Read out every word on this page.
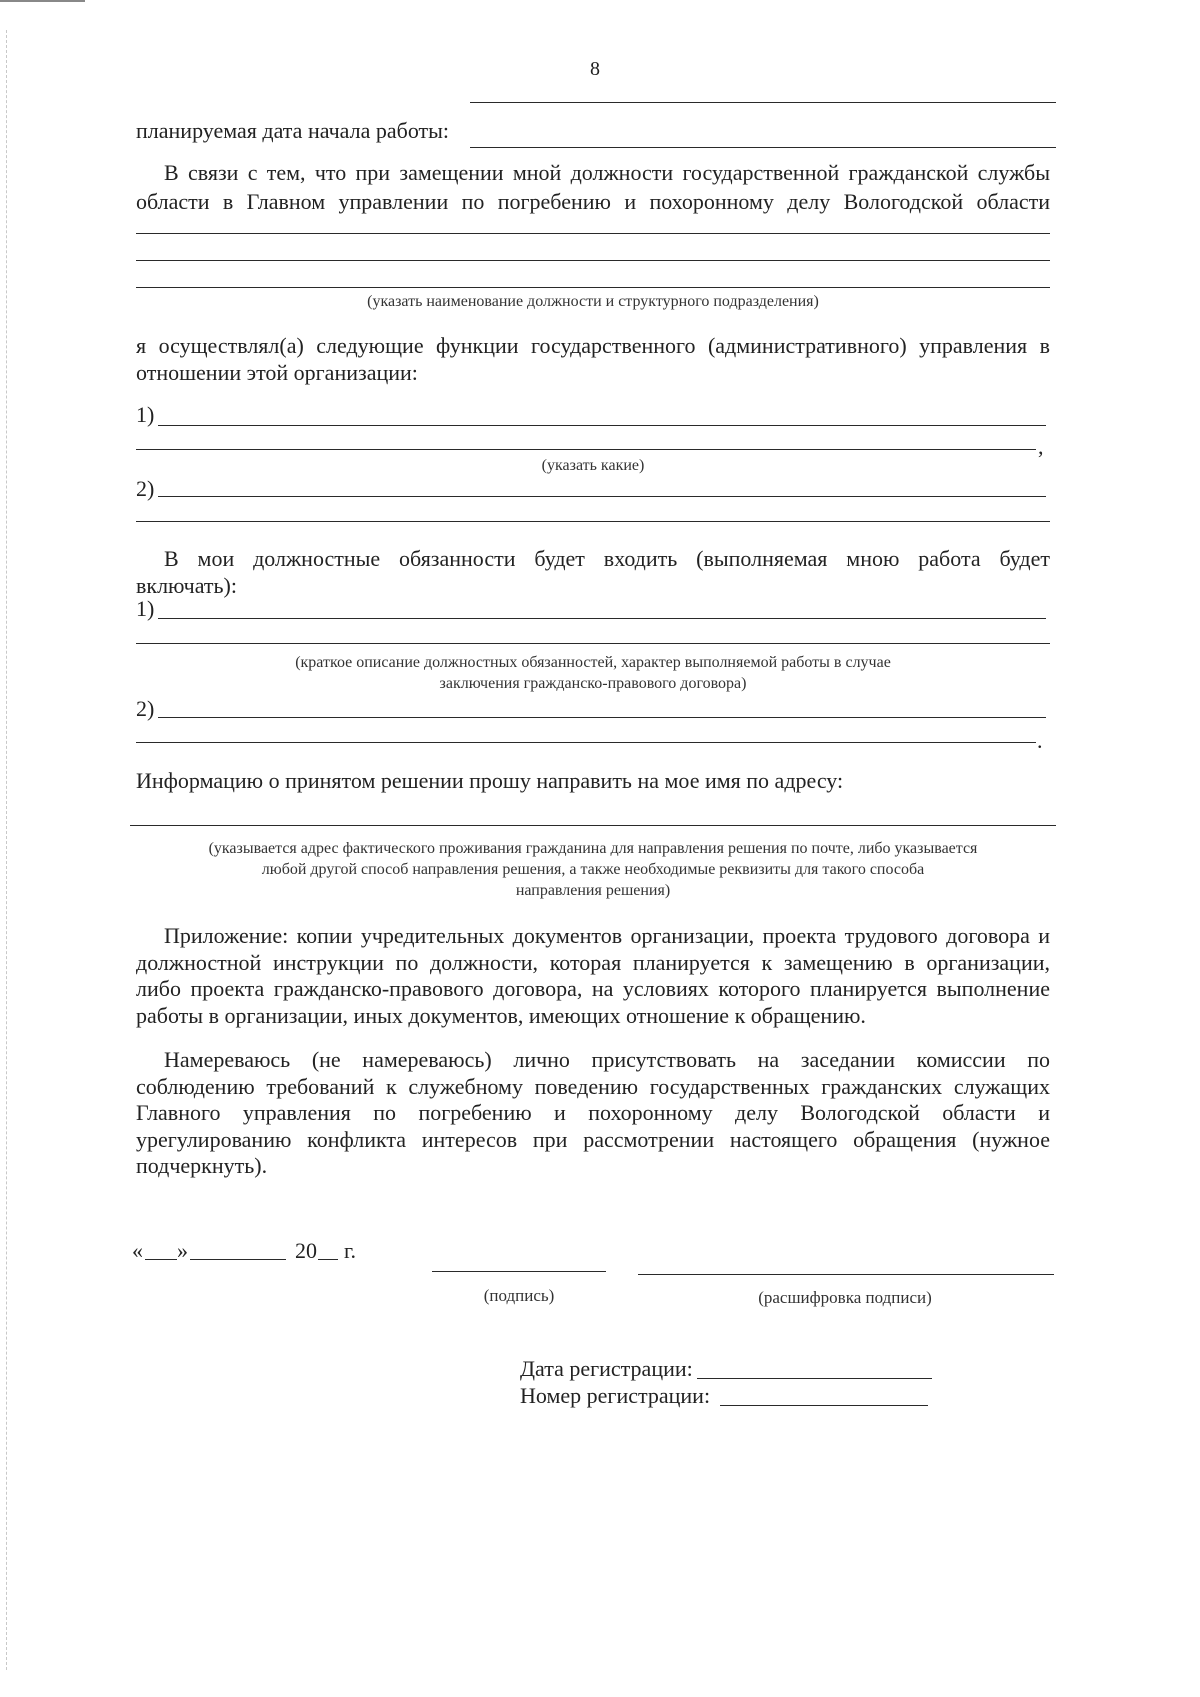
8
планируемая дата начала работы:
В связи с тем, что при замещении мной должности государственной гражданской службы
области в Главном управлении по погребению и похоронному делу Вологодской области
(указать наименование должности и структурного подразделения)
я осуществлял(а) следующие функции государственного (административного) управления в
отношении этой организации:
1)
,
(указать какие)
2)
В мои должностные обязанности будет входить (выполняемая мною работа будет
включать):
1)
(краткое описание должностных обязанностей, характер выполняемой работы в случае
заключения гражданско-правового договора)
2)
.
Информацию о принятом решении прошу направить на мое имя по адресу:
(указывается адрес фактического проживания гражданина для направления решения по почте, либо указывается
любой другой способ направления решения, а также необходимые реквизиты для такого способа
направления решения)
Приложение: копии учредительных документов организации, проекта трудового договора и
должностной инструкции по должности, которая планируется к замещению в организации,
либо проекта гражданско-правового договора, на условиях которого планируется выполнение
работы в организации, иных документов, имеющих отношение к обращению.
Намереваюсь (не намереваюсь) лично присутствовать на заседании комиссии по
соблюдению требований к служебному поведению государственных гражданских служащих
Главного управления по погребению и похоронному делу Вологодской области и
урегулированию конфликта интересов при рассмотрении настоящего обращения (нужное
подчеркнуть).
« »	20 г.
(подпись)	(расшифровка подписи)
Дата регистрации:
Номер регистрации:
